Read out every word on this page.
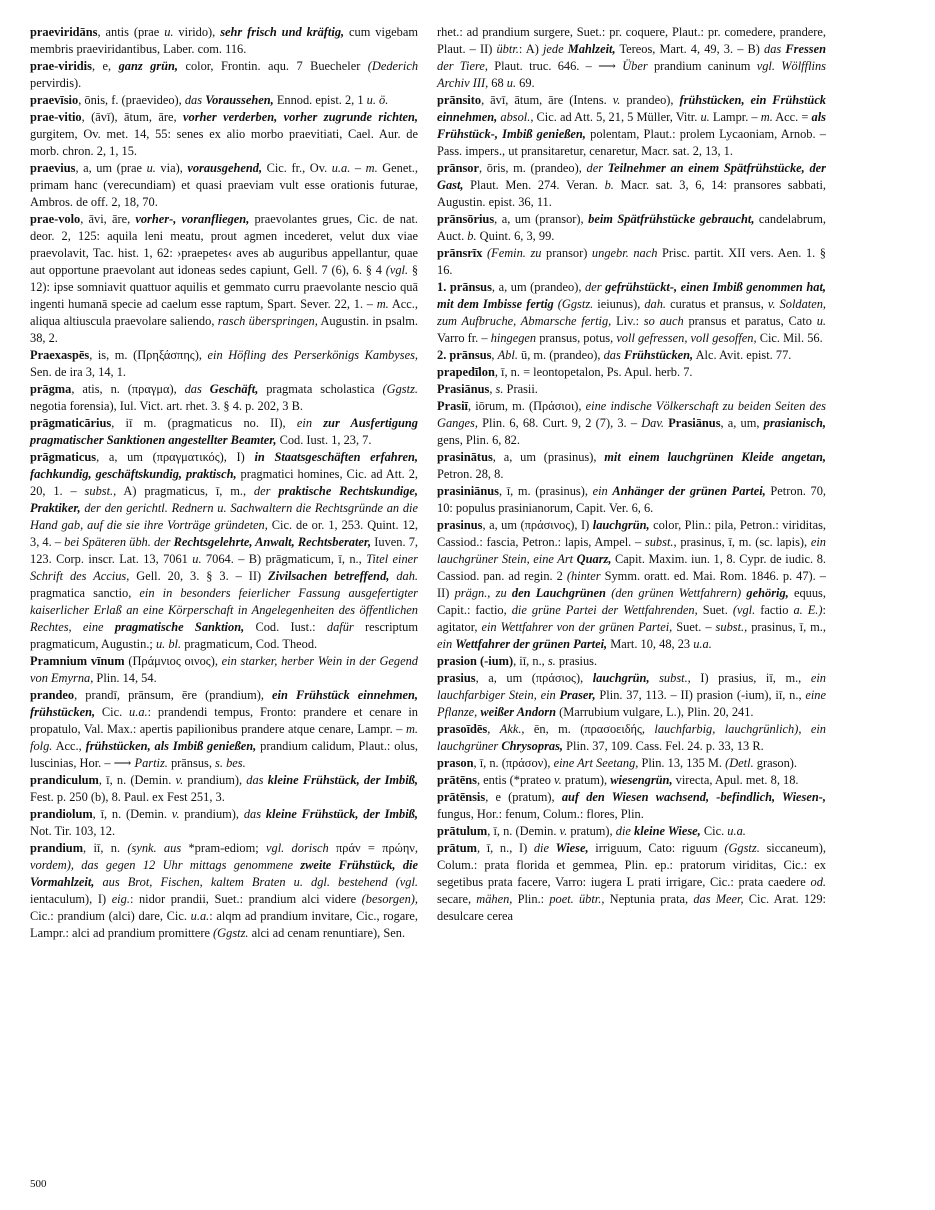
praeviridāns, antis (prae u. virido), sehr frisch und kräftig, cum vigebam membris praeviridantibus, Laber. com. 116.

prae-viridis, e, ganz grün, color, Frontin. aqu. 7 Buecheler (Dederich pervirdis).

praevīsio, ōnis, f. (praevideo), das Voraussehen, Ennod. epist. 2, 1 u. ö.

prae-vitio, (āvī), ātum, āre, vorher verderben, vorher zugrunde richten, gurgitem, Ov. met. 14, 55: senes ex alio morbo praevitiati, Cael. Aur. de morb. chron. 2, 1, 15.

praevius, a, um (prae u. via), vorausgehend, Cic. fr., Ov. u.a. – m. Genet., primam hanc (verecundiam) et quasi praeviam vult esse orationis futurae, Ambros. de off. 2, 18, 70.

prae-volo, āvi, āre, vorher-, voranfliegen, praevolantes grues, Cic. de nat. deor. 2, 125: aquila leni meatu, prout agmen incederet, velut dux viae praevolavit, Tac. hist. 1, 62: ›praepetes‹ aves ab auguribus appellantur, quae aut opportune praevolant aut idoneas sedes capiunt, Gell. 7 (6), 6. § 4 (vgl. § 12): ipse somniavit quattuor aquilis et gemmato curru praevolante nescio quā ingenti humanā specie ad caelum esse raptum, Spart. Sever. 22, 1. – m. Acc., aliqua altiuscula praevolare saliendo, rasch überspringen, Augustin. in psalm. 38, 2.

Praexaspēs, is, m. (Πρηξάσπης), ein Höfling des Perserkönigs Kambyses, Sen. de ira 3, 14, 1.

prāgma, atis, n. (πραγμα), das Geschäft, pragmata scholastica (Ggstz. negotia forensia), Iul. Vict. art. rhet. 3. § 4. p. 202, 3 B.

prāgmaticārius, iī m. (pragmaticus no. II), ein zur Ausfertigung pragmatischer Sanktionen angestellter Beamter, Cod. Iust. 1, 23, 7.

prāgmaticus, a, um (πραγματικός), I) in Staatsgeschäften erfahren, fachkundig, geschäftskundig, praktisch, pragmatici homines, Cic. ad Att. 2, 20, 1. – subst., A) pragmaticus, ī, m., der praktische Rechtskundige, Praktiker, der den gerichtl. Rednern u. Sachwaltern die Rechtsgründe an die Hand gab, auf die sie ihre Vorträge gründeten, Cic. de or. 1, 253. Quint. 12, 3, 4. – bei Späteren übh. der Rechtsgelehrte, Anwalt, Rechtsberater, Iuven. 7, 123. Corp. inscr. Lat. 13, 7061 u. 7064. – B) prāgmaticum, ī, n., Titel einer Schrift des Accius, Gell. 20, 3. § 3. – II) Zivilsachen betreffend, dah. pragmatica sanctio, ein in besonders feierlicher Fassung ausgefertigter kaiserlicher Erlaß an eine Körperschaft in Angelegenheiten des öffentlichen Rechtes, eine pragmatische Sanktion, Cod. Iust.: dafür rescriptum pragmaticum, Augustin.; u. bl. pragmaticum, Cod. Theod.

Pramnium vīnum (Πράμνιος οινος), ein starker, herber Wein in der Gegend von Emyrna, Plin. 14, 54.

prandeo, prandī, prānsum, ēre (prandium), ein Frühstück einnehmen, frühstücken, Cic. u.a.: prandendi tempus, Fronto: prandere et cenare in propatulo, Val. Max.: apertis papilionibus prandere atque cenare, Lampr. – m. folg. Acc., frühstücken, als Imbiß genießen, prandium calidum, Plaut.: olus, luscinias, Hor. – ⟶ Partiz. prānsus, s. bes.

prandiculum, ī, n. (Demin. v. prandium), das kleine Frühstück, der Imbiß, Fest. p. 250 (b), 8. Paul. ex Fest 251, 3.

prandiolum, ī, n. (Demin. v. prandium), das kleine Frühstück, der Imbiß, Not. Tir. 103, 12.

prandium, iī, n. (synk. aus *pram-ediom; vgl. dorisch πράν = πρώην, vordem), das gegen 12 Uhr mittags genommene zweite Frühstück, die Vormahlzeit, aus Brot, Fischen, kaltem Braten u. dgl. bestehend (vgl. ientaculum), I) eig.: nidor prandii, Suet.: prandium alci videre (besorgen), Cic.: prandium (alci) dare, Cic. u.a.: alqm ad prandium invitare, Cic., rogare, Lampr.: alci ad prandium promittere (Ggstz. alci ad cenam renuntiare), Sen.

rhet.: ad prandium surgere, Suet.: pr. coquere, Plaut.: pr. comedere, prandere, Plaut. – II) übtr.: A) jede Mahlzeit, Tereos, Mart. 4, 49, 3. – B) das Fressen der Tiere, Plaut. truc. 646. – ⟶ Über prandium caninum vgl. Wölfflins Archiv III, 68 u. 69.

prānsito, āvī, ātum, āre (Intens. v. prandeo), frühstücken, ein Frühstück einnehmen, absol., Cic. ad Att. 5, 21, 5 Müller, Vitr. u. Lampr. – m. Acc. = als Frühstück-, Imbiß genießen, polentam, Plaut.: prolem Lycaoniam, Arnob. – Pass. impers., ut pransitaretur, cenaretur, Macr. sat. 2, 13, 1.

prānsor, ōris, m. (prandeo), der Teilnehmer an einem Spätfrühstücke, der Gast, Plaut. Men. 274. Veran. b. Macr. sat. 3, 6, 14: pransores sabbati, Augustin. epist. 36, 11.

prānsōrius, a, um (pransor), beim Spätfrühstücke gebraucht, candelabrum, Auct. b. Quint. 6, 3, 99.

prānsrīx (Femin. zu pransor) ungebr. nach Prisc. partit. XII vers. Aen. 1. § 16.

1. prānsus, a, um (prandeo), der gefrühstückt-, einen Imbiß genommen hat, mit dem Imbisse fertig (Ggstz. ieiunus), dah. curatus et pransus, v. Soldaten, zum Aufbruche, Abmarsche fertig, Liv.: so auch pransus et paratus, Cato u. Varro fr. – hingegen pransus, potus, voll gefressen, voll gesoffen, Cic. Mil. 56.

2. prānsus, Abl. ū, m. (prandeo), das Frühstücken, Alc. Avit. epist. 77.

prapedīlon, ī, n. = leontopetalon, Ps. Apul. herb. 7.

Prasiānus, s. Prasii.

Prasiī, iōrum, m. (Πράσιοι), eine indische Völkerschaft zu beiden Seiten des Ganges, Plin. 6, 68. Curt. 9, 2 (7), 3. – Dav. Prasiānus, a, um, prasianisch, gens, Plin. 6, 82.

prasinātus, a, um (prasinus), mit einem lauchgrünen Kleide angetan, Petron. 28, 8.

prasiniānus, ī, m. (prasinus), ein Anhänger der grünen Partei, Petron. 70, 10: populus prasinianorum, Capit. Ver. 6, 6.

prasinus, a, um (πράσινος), I) lauchgrün, color, Plin.: pila, Petron.: viriditas, Cassiod.: fascia, Petron.: lapis, Ampel. – subst., prasinus, ī, m. (sc. lapis), ein lauchgrüner Stein, eine Art Quarz, Capit. Maxim. iun. 1, 8. Cypr. de iudic. 8. Cassiod. pan. ad regin. 2 (hinter Symm. oratt. ed. Mai. Rom. 1846. p. 47). – II) prägn., zu den Lauchgrünen (den grünen Wettfahrern) gehörig, equus, Capit.: factio, die grüne Partei der Wettfahrenden, Suet. (vgl. factio a. E.): agitator, ein Wettfahrer von der grünen Partei, Suet. – subst., prasinus, ī, m., ein Wettfahrer der grünen Partei, Mart. 10, 48, 23 u.a.

prasion (-ium), iī, n., s. prasius.

prasius, a, um (πράσιος), lauchgrün, subst., I) prasius, iī, m., ein lauchfarbiger Stein, ein Praser, Plin. 37, 113. – II) prasion (-ium), iī, n., eine Pflanze, weißer Andorn (Marrubium vulgare, L.), Plin. 20, 241.

prasoīdēs, Akk., ēn, m. (πρασοειδής, lauchfarbig, lauchgrünlich), ein lauchgrüner Chrysopras, Plin. 37, 109. Cass. Fel. 24. p. 33, 13 R.

prason, ī, n. (πράσον), eine Art Seetang, Plin. 13, 135 M. (Detl. grason).

prātēns, entis (*prateo v. pratum), wiesengrün, virecta, Apul. met. 8, 18.

prātēnsis, e (pratum), auf den Wiesen wachsend, -befindlich, Wiesen-, fungus, Hor.: fenum, Colum.: flores, Plin.

prātulum, ī, n. (Demin. v. pratum), die kleine Wiese, Cic. u.a.

prātum, ī, n., I) die Wiese, irriguum, Cato: riguum (Ggstz. siccaneum), Colum.: prata florida et gemmea, Plin. ep.: pratorum viriditas, Cic.: ex segetibus prata facere, Varro: iugera L prati irrigare, Cic.: prata caedere od. secare, mähen, Plin.: poet. übtr., Neptunia prata, das Meer, Cic. Arat. 129: desulcare cerea

500
